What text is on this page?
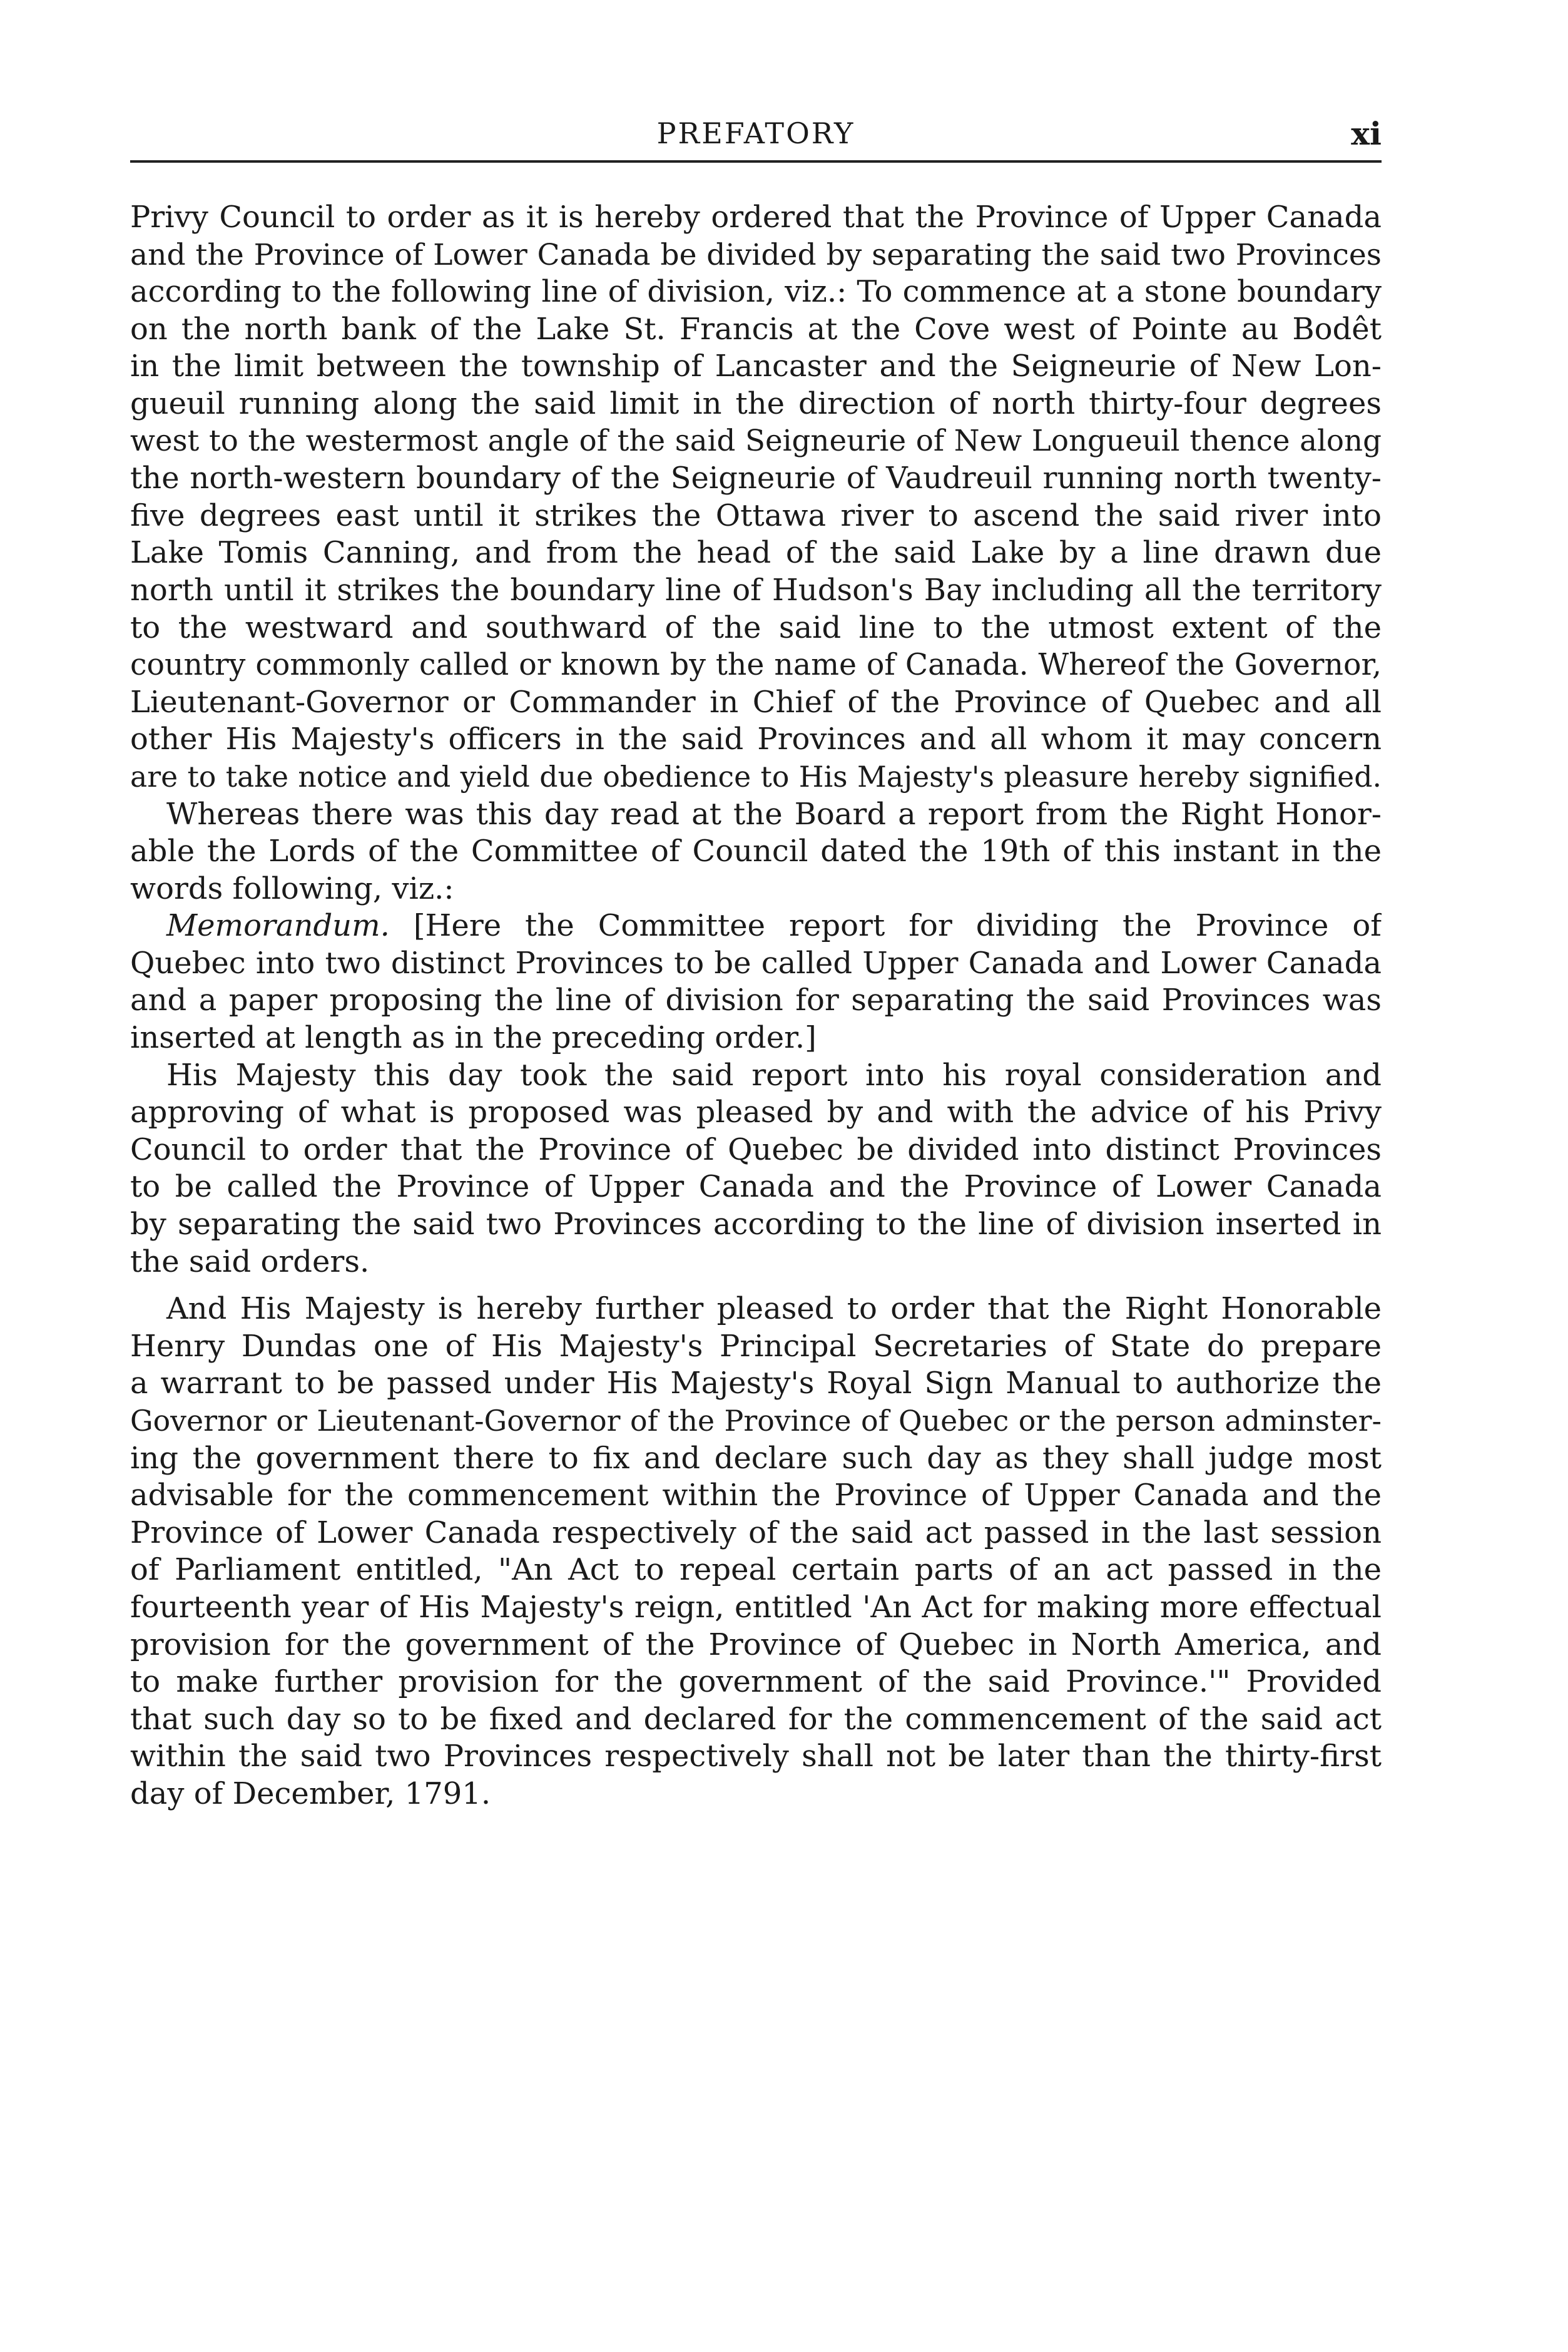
PREFATORY	xi
Privy Council to order as it is hereby ordered that the Province of Upper Canada
and the Province of Lower Canada be divided by separating the said two Provinces
according to the following line of division, viz.: To commence at a stone boundary
on the north bank of the Lake St. Francis at the Cove west of Pointe au Bodêt
in the limit between the township of Lancaster and the Seigneurie of New Lon-
gueuil running along the said limit in the direction of north thirty-four degrees
west to the westermost angle of the said Seigneurie of New Longueuil thence along
the north-western boundary of the Seigneurie of Vaudreuil running north twenty-
five degrees east until it strikes the Ottawa river to ascend the said river into
Lake Tomis Canning, and from the head of the said Lake by a line drawn due
north until it strikes the boundary line of Hudson's Bay including all the territory
to the westward and southward of the said line to the utmost extent of the
country commonly called or known by the name of Canada. Whereof the Governor,
Lieutenant-Governor or Commander in Chief of the Province of Quebec and all
other His Majesty's officers in the said Provinces and all whom it may concern
are to take notice and yield due obedience to His Majesty's pleasure hereby signified.
Whereas there was this day read at the Board a report from the Right Honor-
able the Lords of the Committee of Council dated the 19th of this instant in the
words following, viz.:
Memorandum. [Here the Committee report for dividing the Province of
Quebec into two distinct Provinces to be called Upper Canada and Lower Canada
and a paper proposing the line of division for separating the said Provinces was
inserted at length as in the preceding order.]
His Majesty this day took the said report into his royal consideration and
approving of what is proposed was pleased by and with the advice of his Privy
Council to order that the Province of Quebec be divided into distinct Provinces
to be called the Province of Upper Canada and the Province of Lower Canada
by separating the said two Provinces according to the line of division inserted in
the said orders.
And His Majesty is hereby further pleased to order that the Right Honorable
Henry Dundas one of His Majesty's Principal Secretaries of State do prepare
a warrant to be passed under His Majesty's Royal Sign Manual to authorize the
Governor or Lieutenant-Governor of the Province of Quebec or the person adminster-
ing the government there to fix and declare such day as they shall judge most
advisable for the commencement within the Province of Upper Canada and the
Province of Lower Canada respectively of the said act passed in the last session
of Parliament entitled, "An Act to repeal certain parts of an act passed in the
fourteenth year of His Majesty's reign, entitled 'An Act for making more effectual
provision for the government of the Province of Quebec in North America, and
to make further provision for the government of the said Province.'" Provided
that such day so to be fixed and declared for the commencement of the said act
within the said two Provinces respectively shall not be later than the thirty-first
day of December, 1791.
